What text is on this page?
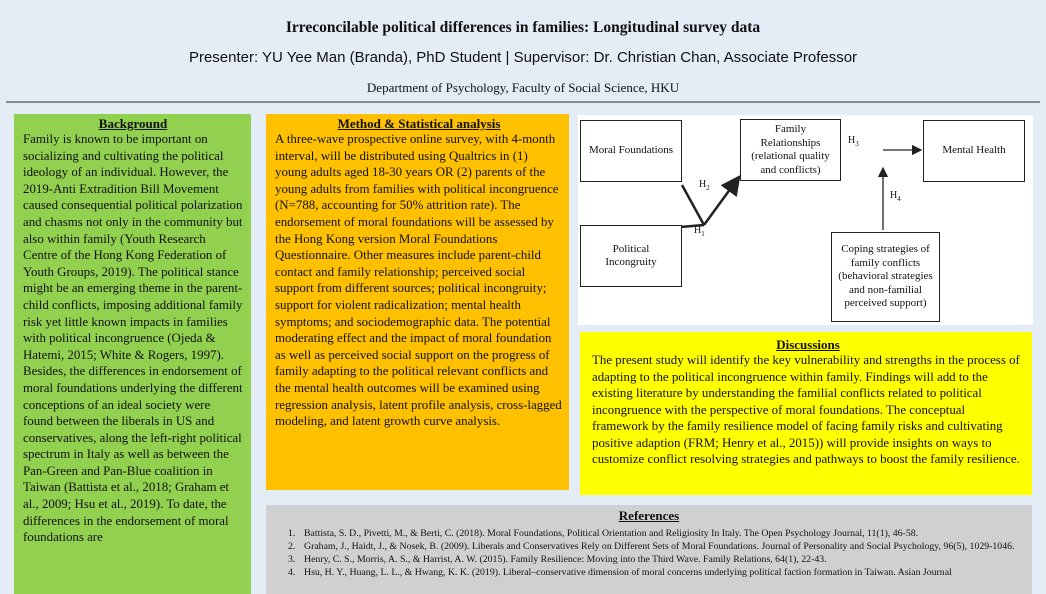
Irreconcilable political differences in families: Longitudinal survey data
Presenter: YU Yee Man (Branda), PhD Student | Supervisor: Dr. Christian Chan, Associate Professor
Department of Psychology, Faculty of Social Science, HKU
Background

Family is known to be important on socializing and cultivating the political ideology of an individual. However, the 2019-Anti Extradition Bill Movement caused consequential political polarization and chasms not only in the community but also within family (Youth Research Centre of the Hong Kong Federation of Youth Groups, 2019). The political stance might be an emerging theme in the parent-child conflicts, imposing additional family risk yet little known impacts in families with political incongruence (Ojeda & Hatemi, 2015; White & Rogers, 1997). Besides, the differences in endorsement of moral foundations underlying the different conceptions of an ideal society were found between the liberals in US and conservatives, along the left-right political spectrum in Italy as well as between the Pan-Green and Pan-Blue coalition in Taiwan (Battista et al., 2018; Graham et al., 2009; Hsu et al., 2019). To date, the differences in the endorsement of moral foundations are

Method & Statistical analysis

A three-wave prospective online survey, with 4-month interval, will be distributed using Qualtrics in (1) young adults aged 18-30 years OR (2) parents of the young adults from families with political incongruence (N=788, accounting for 50% attrition rate). The endorsement of moral foundations will be assessed by the Hong Kong version Moral Foundations Questionnaire. Other measures include parent-child contact and family relationship; perceived social support from different sources; political incongruity; support for violent radicalization; mental health symptoms; and sociodemographic data. The potential moderating effect and the impact of moral foundation as well as perceived social support on the progress of family adapting to the political relevant conflicts and the mental health outcomes will be examined using regression analysis, latent profile analysis, cross-lagged modeling, and latent growth curve analysis.

Moral Foundations
Political Incongruity
Family Relationships (relational quality and conflicts)
Mental Health
Coping strategies of family conflicts (behavioral strategies and non-familial perceived support)
$H_2$
$H_1$
$H_3$
$H_4$
Discussions

The present study will identify the key vulnerability and strengths in the process of adapting to the political incongruence within family. Findings will add to the existing literature by understanding the familial conflicts related to political incongruence with the perspective of moral foundations. The conceptual framework by the family resilience model of facing family risks and cultivating positive adaption (FRM; Henry et al., 2015)) will provide insights on ways to customize conflict resolving strategies and pathways to boost the family resilience.

References
1. Battista, S. D., Pivetti, M., & Berti, C. (2018). Moral Foundations, Political Orientation and Religiosity In Italy. The Open Psychology Journal, 11(1), 46-58.
2. Graham, J., Haidt, J., & Nosek, B. (2009). Liberals and Conservatives Rely on Different Sets of Moral Foundations. Journal of Personality and Social Psychology, 96(5), 1029-1046.
3. Henry, C. S., Morris, A. S., & Harrist, A. W. (2015). Family Resilience: Moving into the Third Wave. Family Relations, 64(1), 22-43.
4. Hsu, H. Y., Huang, L. L., & Hwang, K. K. (2019). Liberal–conservative dimension of moral concerns underlying political faction formation in Taiwan. Asian Journal
